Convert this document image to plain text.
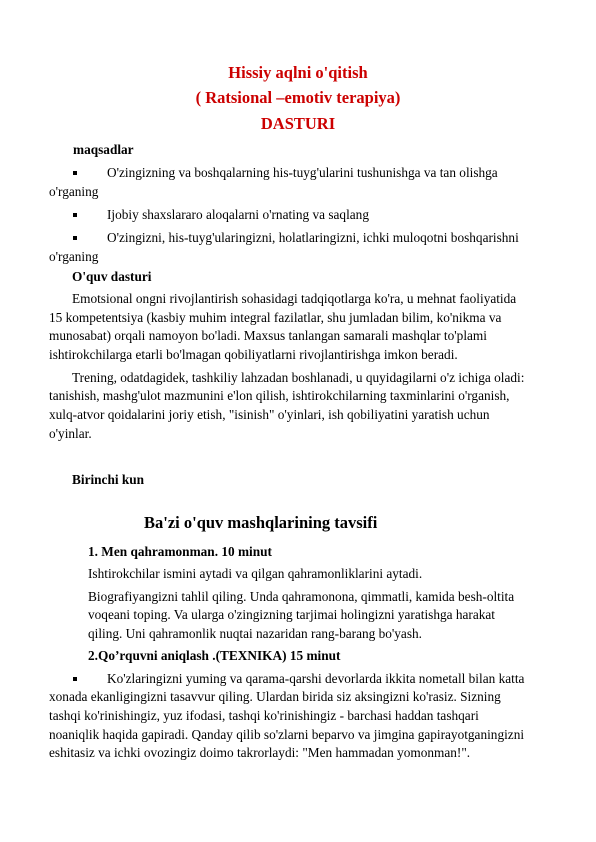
Hissiy aqlni o'qitish
( Ratsional –emotiv terapiya)
DASTURI
maqsadlar
O'zingizning va boshqalarning his-tuyg'ularini tushunishga va tan olishga
o'rganing
Ijobiy shaxslararo aloqalarni o'rnating va saqlang
O'zingizni, his-tuyg'ularingizni, holatlaringizni, ichki muloqotni boshqarishni
o'rganing
O'quv dasturi
Emotsional ongni rivojlantirish sohasidagi tadqiqotlarga ko'ra, u mehnat faoliyatida
15 kompetentsiya (kasbiy muhim integral fazilatlar, shu jumladan bilim, ko'nikma va
munosabat) orqali namoyon bo'ladi. Maxsus tanlangan samarali mashqlar to'plami
ishtirokchilarga etarli bo'lmagan qobiliyatlarni rivojlantirishga imkon beradi.
Trening, odatdagidek, tashkiliy lahzadan boshlanadi, u quyidagilarni o'z ichiga oladi:
tanishish, mashg'ulot mazmunini e'lon qilish, ishtirokchilarning taxminlarini o'rganish,
xulq-atvor qoidalarini joriy etish, "isinish" o'yinlari, ish qobiliyatini yaratish uchun
o'yinlar.
Birinchi kun
Ba'zi o'quv mashqlarining tavsifi
1. Men qahramonman. 10 minut
Ishtirokchilar ismini aytadi va qilgan qahramonliklarini aytadi.
Biografiyangizni tahlil qiling. Unda qahramonona, qimmatli, kamida besh-oltita
voqeani toping. Va ularga o'zingizning tarjimai holingizni yaratishga harakat
qiling. Uni qahramonlik nuqtai nazaridan rang-barang bo'yash.
2.Qo’rquvni aniqlash .(TEXNIKA) 15 minut
Ko'zlaringizni yuming va qarama-qarshi devorlarda ikkita nometall bilan katta
xonada ekanligingizni tasavvur qiling. Ulardan birida siz aksingizni ko'rasiz. Sizning
tashqi ko'rinishingiz, yuz ifodasi, tashqi ko'rinishingiz - barchasi haddan tashqari
noaniqlik haqida gapiradi. Qanday qilib so'zlarni beparvo va jimgina gapirayotganingizni
eshitasiz va ichki ovozingiz doimo takrorlaydi: "Men hammadan yomonman!".
